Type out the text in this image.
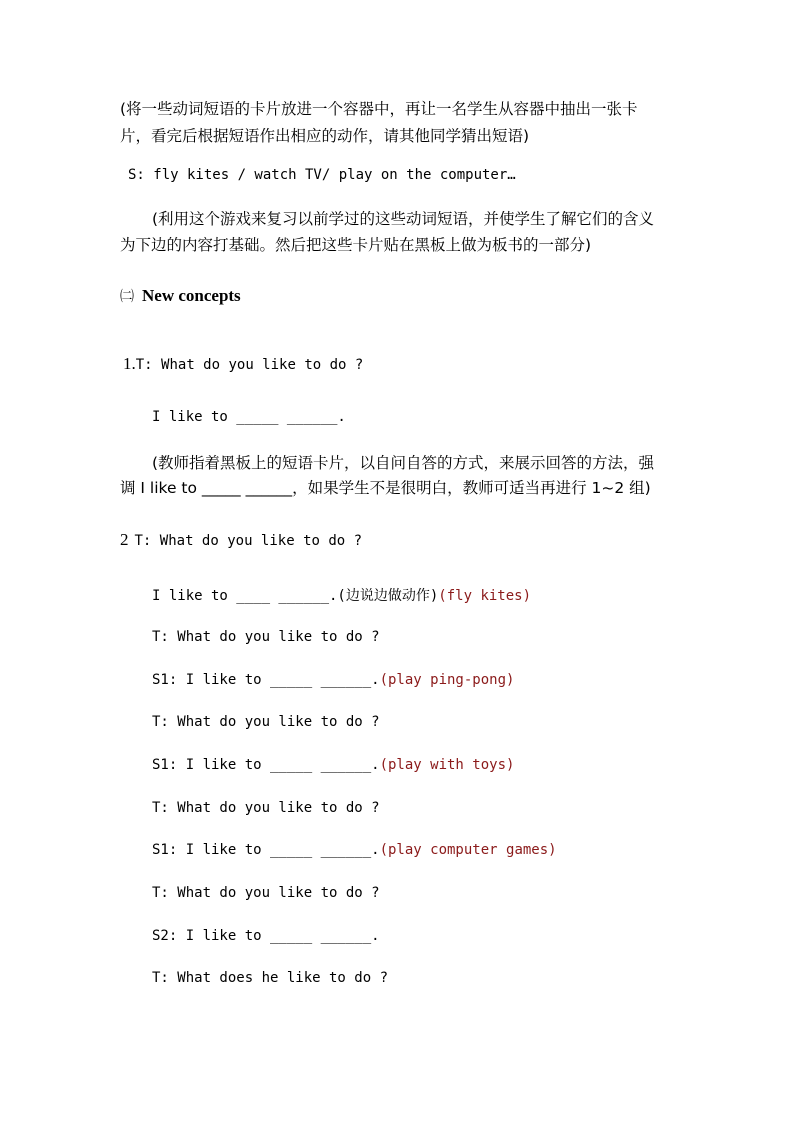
(将一些动词短语的卡片放进一个容器中，再让一名学生从容器中抽出一张卡
片，看完后根据短语作出相应的动作，请其他同学猜出短语)
S: fly kites / watch TV/ play on the computer…
(利用这个游戏来复习以前学过的这些动词短语，并使学生了解它们的含义
为下边的内容打基础。然后把这些卡片贴在黑板上做为板书的一部分)
㈡ New concepts
1.T: What do you like to do ?
I like to _____ ______.
(教师指着黑板上的短语卡片，以自问自答的方式，来展示回答的方法，强
调 I like to _____ ______，如果学生不是很明白，教师可适当再进行 1~2 组)
2 T: What do you like to do ?
I like to ____ ______.(边说边做动作)(fly kites)
T: What do you like to do ?
S1: I like to _____ ______.(play ping-pong)
T: What do you like to do ?
S1: I like to _____ ______.(play with toys)
T: What do you like to do ?
S1: I like to _____ ______.(play computer games)
T: What do you like to do ?
S2: I like to _____ ______.
T: What does he like to do ?
